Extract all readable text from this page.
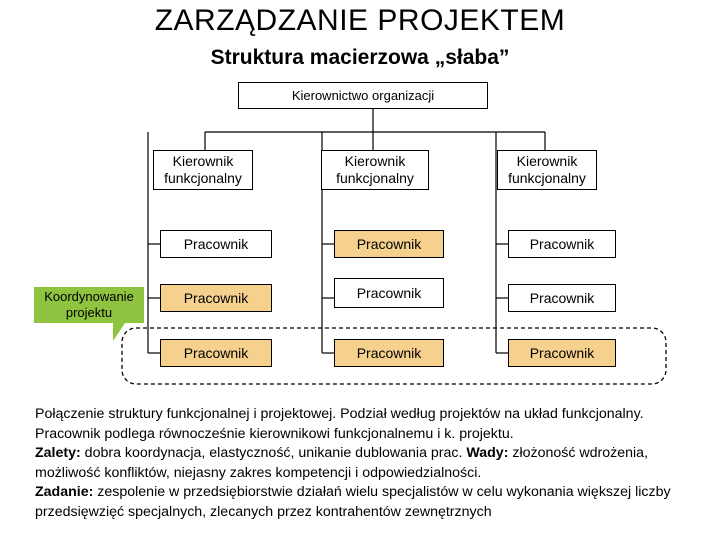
ZARZĄDZANIE PROJEKTEM
Struktura macierzowa „słaba”
Kierownictwo organizacji
Kierownik funkcjonalny
Kierownik funkcjonalny
Kierownik funkcjonalny
Pracownik	Pracownik	Pracownik
Pracownik	Pracownik	Pracownik
Pracownik	Pracownik	Pracownik
Koordynowanie projektu

Połączenie struktury funkcjonalnej i projektowej. Podział według projektów na układ funkcjonalny. Pracownik podlega równocześnie kierownikowi funkcjonalnemu i k. projektu.

Zalety: dobra koordynacja, elastyczność, unikanie dublowania prac. Wady: złożoność wdrożenia, możliwość konfliktów, niejasny zakres kompetencji i odpowiedzialności.

Zadanie: zespolenie w przedsiębiorstwie działań wielu specjalistów w celu wykonania większej liczby przedsięwzięć specjalnych, zlecanych przez kontrahentów zewnętrznych
